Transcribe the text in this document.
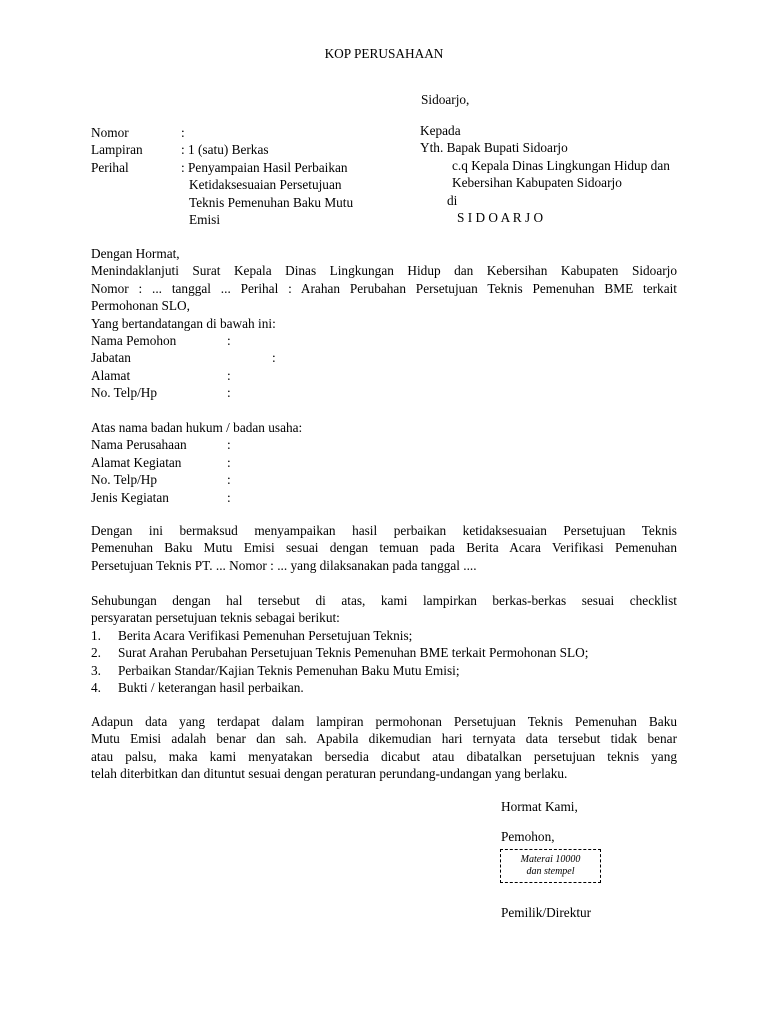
KOP PERUSAHAAN
Sidoarjo,
Nomor	:
Lampiran	: 1 (satu) Berkas
Perihal	: Penyampaian Hasil Perbaikan
Ketidaksesuaian Persetujuan
Teknis Pemenuhan Baku Mutu
Emisi
Kepada
Yth. Bapak Bupati Sidoarjo
c.q Kepala Dinas Lingkungan Hidup dan
Kebersihan Kabupaten Sidoarjo
di
S I D O A R J O
Dengan Hormat,
Menindaklanjuti Surat Kepala Dinas Lingkungan Hidup dan Kebersihan Kabupaten Sidoarjo
Nomor : ... tanggal ... Perihal : Arahan Perubahan Persetujuan Teknis Pemenuhan BME terkait
Permohonan SLO,
Yang bertandatangan di bawah ini:
Nama Pemohon	:
Jabatan	:
Alamat	:
No. Telp/Hp	:
Atas nama badan hukum / badan usaha:
Nama Perusahaan	:
Alamat Kegiatan	:
No. Telp/Hp	:
Jenis Kegiatan	:
Dengan ini bermaksud menyampaikan hasil perbaikan ketidaksesuaian Persetujuan Teknis
Pemenuhan Baku Mutu Emisi sesuai dengan temuan pada Berita Acara Verifikasi Pemenuhan
Persetujuan Teknis PT. ... Nomor : ... yang dilaksanakan pada tanggal ....
Sehubungan dengan hal tersebut di atas, kami lampirkan berkas-berkas sesuai checklist
persyaratan persetujuan teknis sebagai berikut:
1. Berita Acara Verifikasi Pemenuhan Persetujuan Teknis;
2. Surat Arahan Perubahan Persetujuan Teknis Pemenuhan BME terkait Permohonan SLO;
3. Perbaikan Standar/Kajian Teknis Pemenuhan Baku Mutu Emisi;
4. Bukti / keterangan hasil perbaikan.
Adapun data yang terdapat dalam lampiran permohonan Persetujuan Teknis Pemenuhan Baku
Mutu Emisi adalah benar dan sah. Apabila dikemudian hari ternyata data tersebut tidak benar
atau palsu, maka kami menyatakan bersedia dicabut atau dibatalkan persetujuan teknis yang
telah diterbitkan dan dituntut sesuai dengan peraturan perundang-undangan yang berlaku.
Hormat Kami,
Pemohon,
Materai 10000
dan stempel
Pemilik/Direktur
